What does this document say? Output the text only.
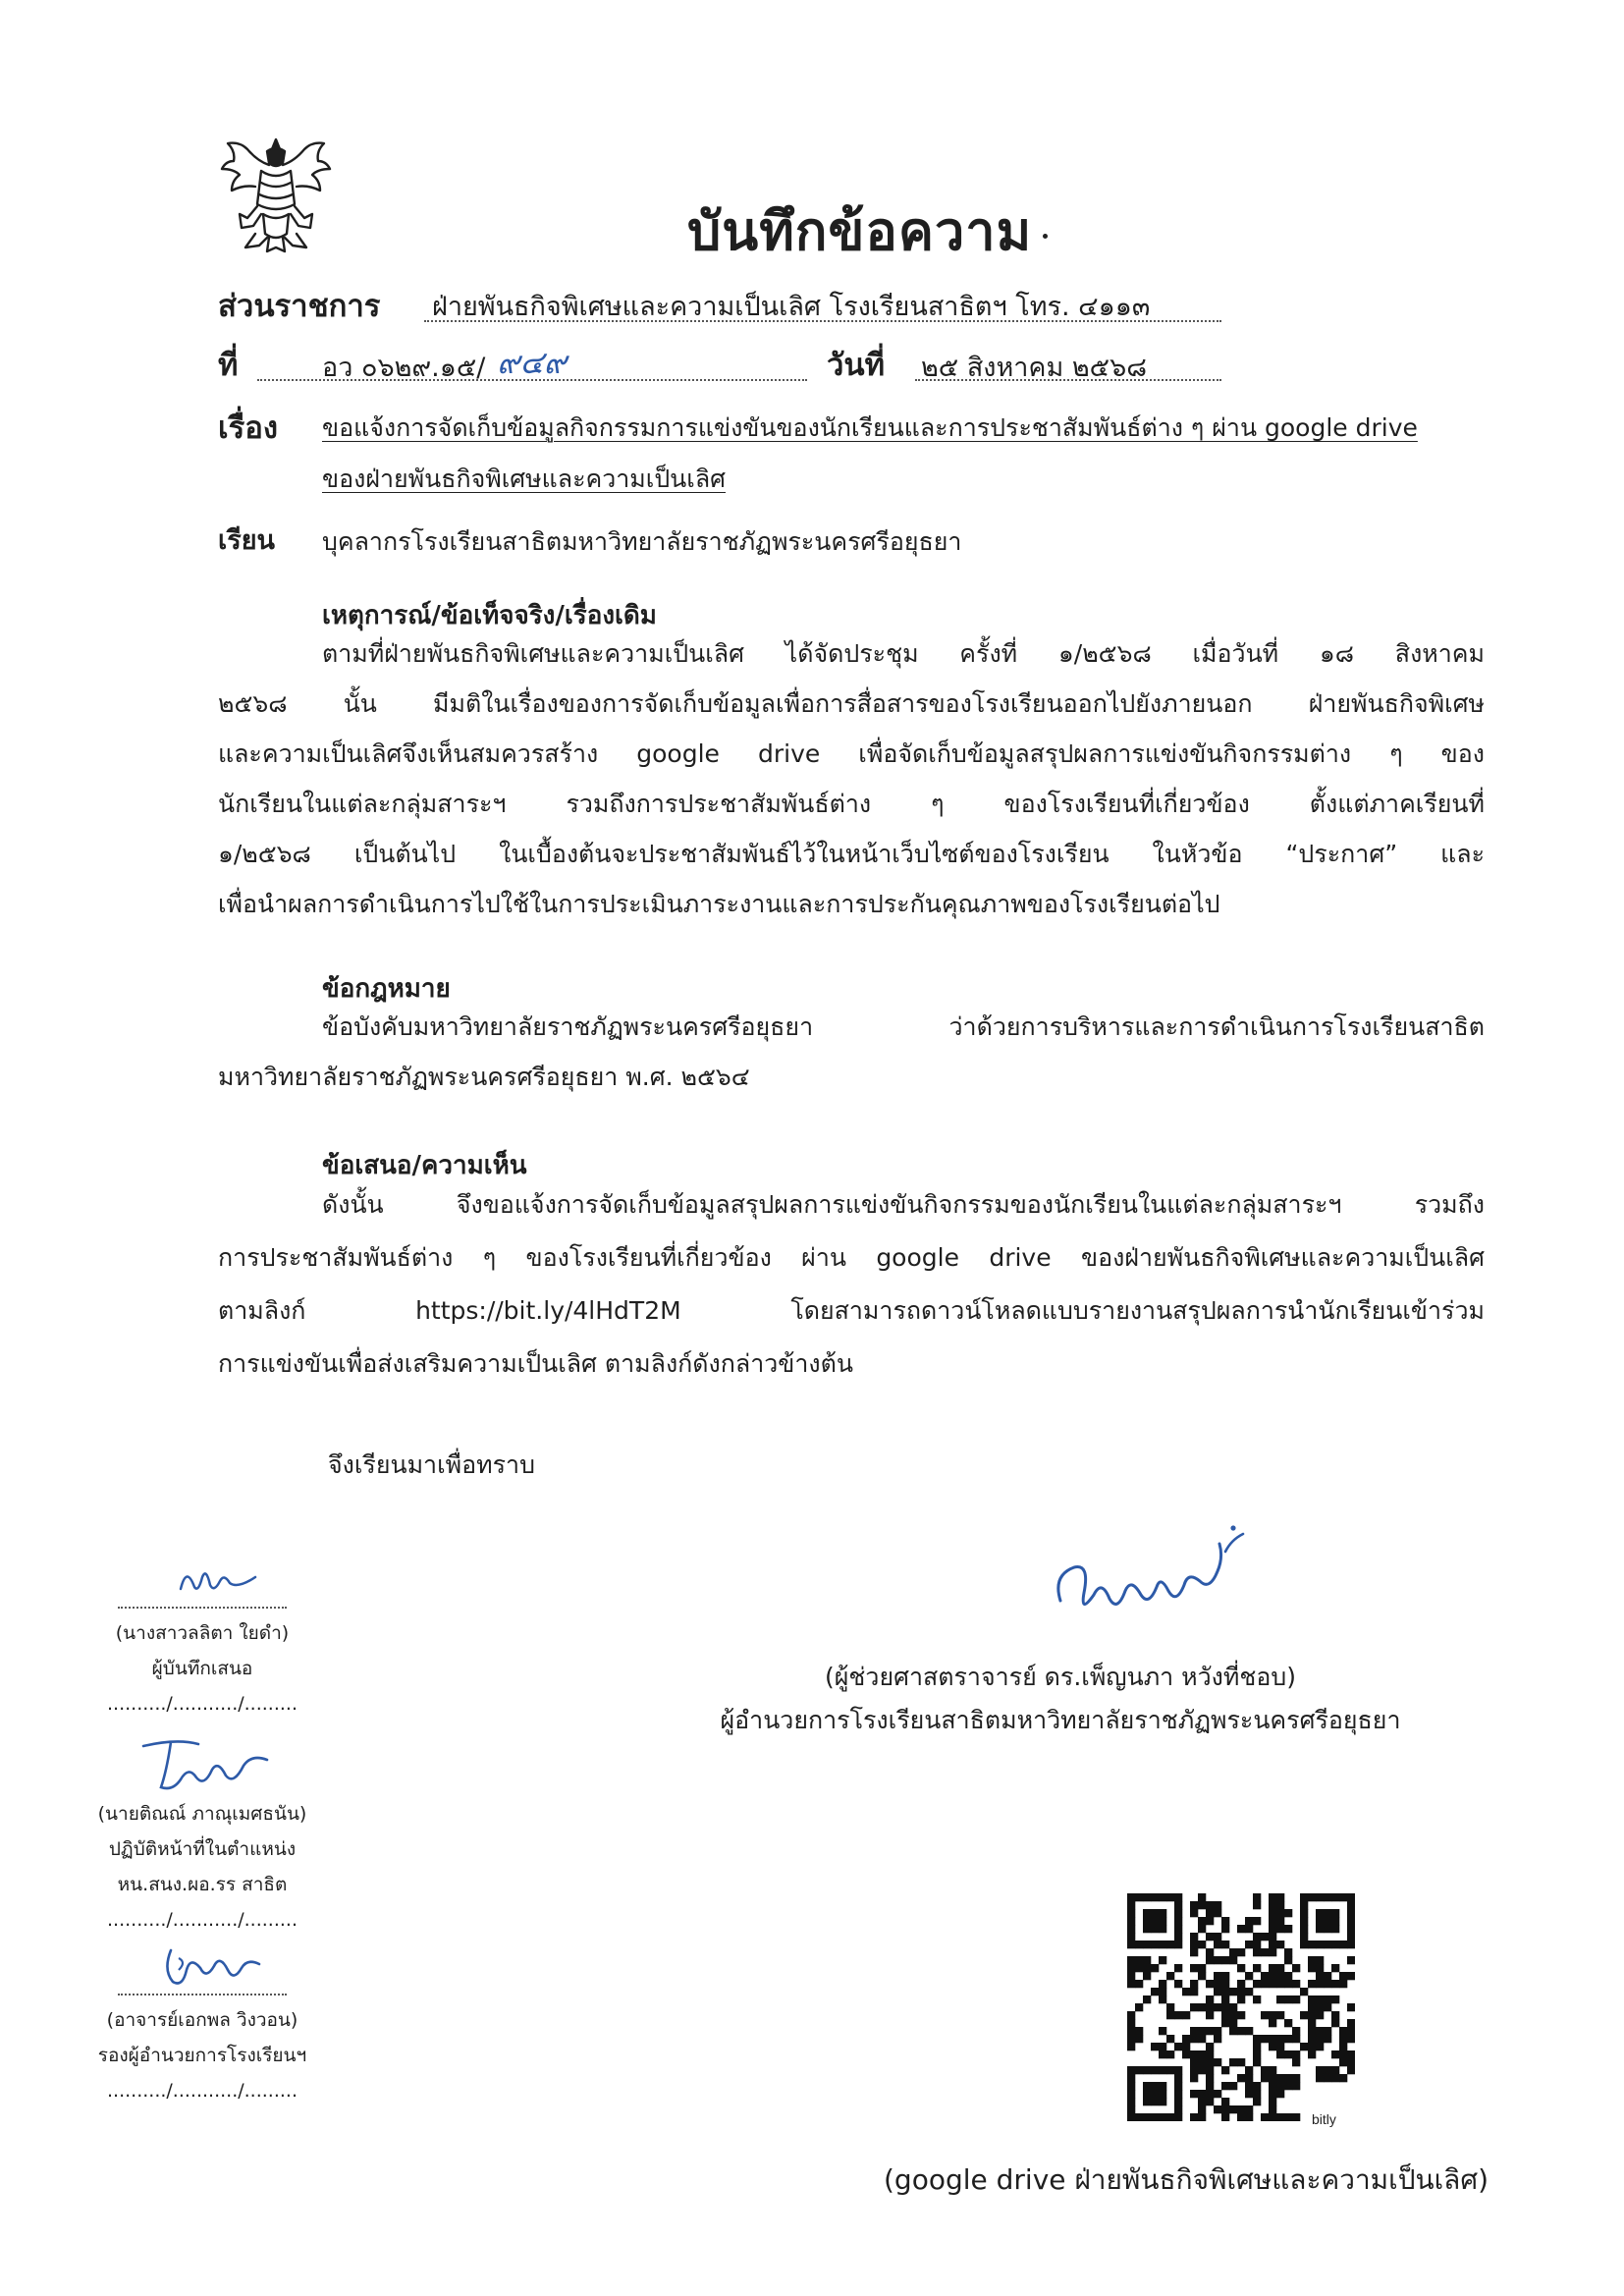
บันทึกข้อความ
ส่วนราชการ ฝ่ายพันธกิจพิเศษและความเป็นเลิศ โรงเรียนสาธิตฯ โทร. ๔๑๑๓
ที่	อว ๐๖๒๙.๑๕/ ๙๔๙	วันที่ ๒๕ สิงหาคม ๒๕๖๘
เรื่อง ขอแจ้งการจัดเก็บข้อมูลกิจกรรมการแข่งขันของนักเรียนและการประชาสัมพันธ์ต่าง ๆ ผ่าน google drive
ของฝ่ายพันธกิจพิเศษและความเป็นเลิศ
เรียน บุคลากรโรงเรียนสาธิตมหาวิทยาลัยราชภัฏพระนครศรีอยุธยา
เหตุการณ์/ข้อเท็จจริง/เรื่องเดิม
ตามที่ฝ่ายพันธกิจพิเศษและความเป็นเลิศ ได้จัดประชุม ครั้งที่ ๑/๒๕๖๘ เมื่อวันที่ ๑๘ สิงหาคม
๒๕๖๘ นั้น มีมติในเรื่องของการจัดเก็บข้อมูลเพื่อการสื่อสารของโรงเรียนออกไปยังภายนอก ฝ่ายพันธกิจพิเศษ
และความเป็นเลิศจึงเห็นสมควรสร้าง google drive เพื่อจัดเก็บข้อมูลสรุปผลการแข่งขันกิจกรรมต่าง ๆ ของ
นักเรียนในแต่ละกลุ่มสาระฯ รวมถึงการประชาสัมพันธ์ต่าง ๆ ของโรงเรียนที่เกี่ยวข้อง ตั้งแต่ภาคเรียนที่
๑/๒๕๖๘ เป็นต้นไป ในเบื้องต้นจะประชาสัมพันธ์ไว้ในหน้าเว็บไซต์ของโรงเรียน ในหัวข้อ “ประกาศ” และ
เพื่อนำผลการดำเนินการไปใช้ในการประเมินภาระงานและการประกันคุณภาพของโรงเรียนต่อไป
ข้อกฎหมาย
ข้อบังคับมหาวิทยาลัยราชภัฏพระนครศรีอยุธยา ว่าด้วยการบริหารและการดำเนินการโรงเรียนสาธิต
มหาวิทยาลัยราชภัฏพระนครศรีอยุธยา พ.ศ. ๒๕๖๔
ข้อเสนอ/ความเห็น
ดังนั้น จึงขอแจ้งการจัดเก็บข้อมูลสรุปผลการแข่งขันกิจกรรมของนักเรียนในแต่ละกลุ่มสาระฯ รวมถึง
การประชาสัมพันธ์ต่าง ๆ ของโรงเรียนที่เกี่ยวข้อง ผ่าน google drive ของฝ่ายพันธกิจพิเศษและความเป็นเลิศ
ตามลิงก์ https://bit.ly/4lHdT2M โดยสามารถดาวน์โหลดแบบรายงานสรุปผลการนำนักเรียนเข้าร่วม
การแข่งขันเพื่อส่งเสริมความเป็นเลิศ ตามลิงก์ดังกล่าวข้างต้น
จึงเรียนมาเพื่อทราบ
(นางสาวลลิตา ใยดำ)
ผู้บันทึกเสนอ
........../.........../.........
(นายติณณ์ ภาณุเมศธนัน)
ปฏิบัติหน้าที่ในตำแหน่ง
หน.สนง.ผอ.รร สาธิต
........../.........../.........
(อาจารย์เอกพล วิงวอน)
รองผู้อำนวยการโรงเรียนฯ
........../.........../.........
(ผู้ช่วยศาสตราจารย์ ดร.เพ็ญนภา หวังที่ชอบ)
ผู้อำนวยการโรงเรียนสาธิตมหาวิทยาลัยราชภัฏพระนครศรีอยุธยา
bitly
(google drive ฝ่ายพันธกิจพิเศษและความเป็นเลิศ)
